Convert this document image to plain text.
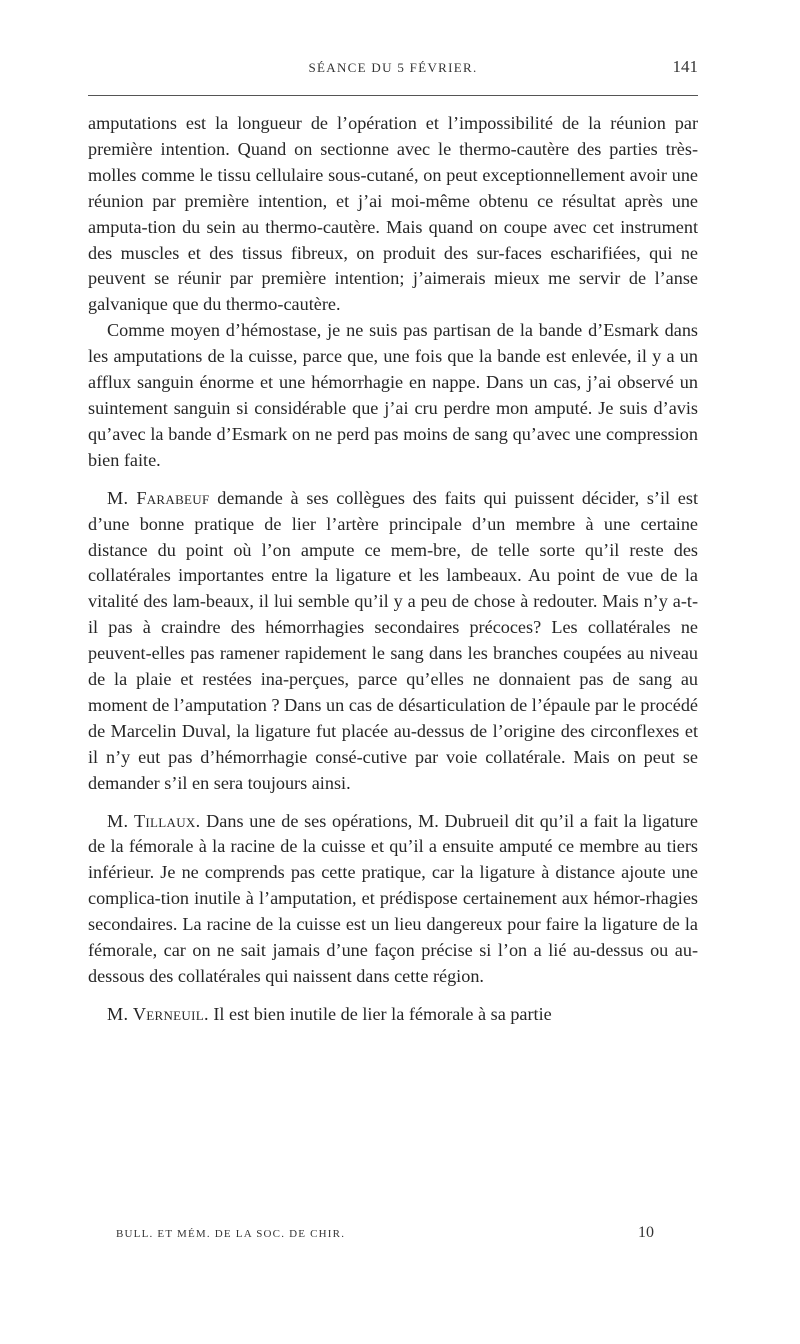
SÉANCE DU 5 FÉVRIER.	141

amputations est la longueur de l’opération et l’impossibilité de la réunion par première intention. Quand on sectionne avec le thermo-cautère des parties très-molles comme le tissu cellulaire sous-cutané, on peut exceptionnellement avoir une réunion par première intention, et j’ai moi-même obtenu ce résultat après une amputa-tion du sein au thermo-cautère. Mais quand on coupe avec cet instrument des muscles et des tissus fibreux, on produit des sur-faces escharifiées, qui ne peuvent se réunir par première intention; j’aimerais mieux me servir de l’anse galvanique que du thermo-cautère.

Comme moyen d’hémostase, je ne suis pas partisan de la bande d’Esmark dans les amputations de la cuisse, parce que, une fois que la bande est enlevée, il y a un afflux sanguin énorme et une hémorrhagie en nappe. Dans un cas, j’ai observé un suintement sanguin si considérable que j’ai cru perdre mon amputé. Je suis d’avis qu’avec la bande d’Esmark on ne perd pas moins de sang qu’avec une compression bien faite.

M. Farabeuf demande à ses collègues des faits qui puissent décider, s’il est d’une bonne pratique de lier l’artère principale d’un membre à une certaine distance du point où l’on ampute ce mem-bre, de telle sorte qu’il reste des collatérales importantes entre la ligature et les lambeaux. Au point de vue de la vitalité des lam-beaux, il lui semble qu’il y a peu de chose à redouter. Mais n’y a-t-il pas à craindre des hémorrhagies secondaires précoces? Les collatérales ne peuvent-elles pas ramener rapidement le sang dans les branches coupées au niveau de la plaie et restées ina-perçues, parce qu’elles ne donnaient pas de sang au moment de l’amputation ? Dans un cas de désarticulation de l’épaule par le procédé de Marcelin Duval, la ligature fut placée au-dessus de l’origine des circonflexes et il n’y eut pas d’hémorrhagie consé-cutive par voie collatérale. Mais on peut se demander s’il en sera toujours ainsi.

M. Tillaux. Dans une de ses opérations, M. Dubrueil dit qu’il a fait la ligature de la fémorale à la racine de la cuisse et qu’il a ensuite amputé ce membre au tiers inférieur. Je ne comprends pas cette pratique, car la ligature à distance ajoute une complica-tion inutile à l’amputation, et prédispose certainement aux hémor-rhagies secondaires. La racine de la cuisse est un lieu dangereux pour faire la ligature de la fémorale, car on ne sait jamais d’une façon précise si l’on a lié au-dessus ou au-dessous des collatérales qui naissent dans cette région.

M. Verneuil. Il est bien inutile de lier la fémorale à sa partie

BULL. ET MÉM. DE LA SOC. DE CHIR.	10
